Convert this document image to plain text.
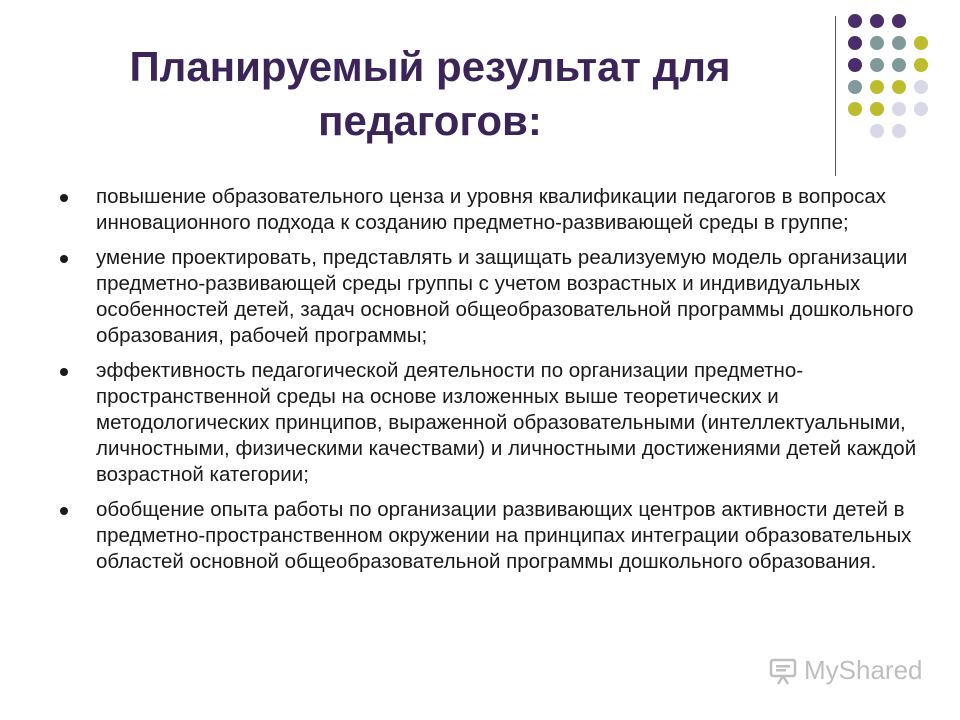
Планируемый результат для
педагогов:
повышение образовательного ценза и уровня квалификации педагогов в вопросах инновационного подхода к созданию предметно-развивающей среды в группе;
умение проектировать, представлять и защищать реализуемую модель организации предметно-развивающей среды группы с учетом возрастных и индивидуальных особенностей детей, задач основной общеобразовательной программы дошкольного образования, рабочей программы;
эффективность педагогической деятельности по организации предметно-пространственной среды на основе изложенных выше теоретических и методологических принципов, выраженной образовательными (интеллектуальными, личностными, физическими качествами) и личностными достижениями детей каждой возрастной категории;
обобщение опыта работы по организации развивающих центров активности детей в предметно-пространственном окружении на принципах интеграции образовательных областей основной общеобразовательной программы дошкольного образования.
MyShared
